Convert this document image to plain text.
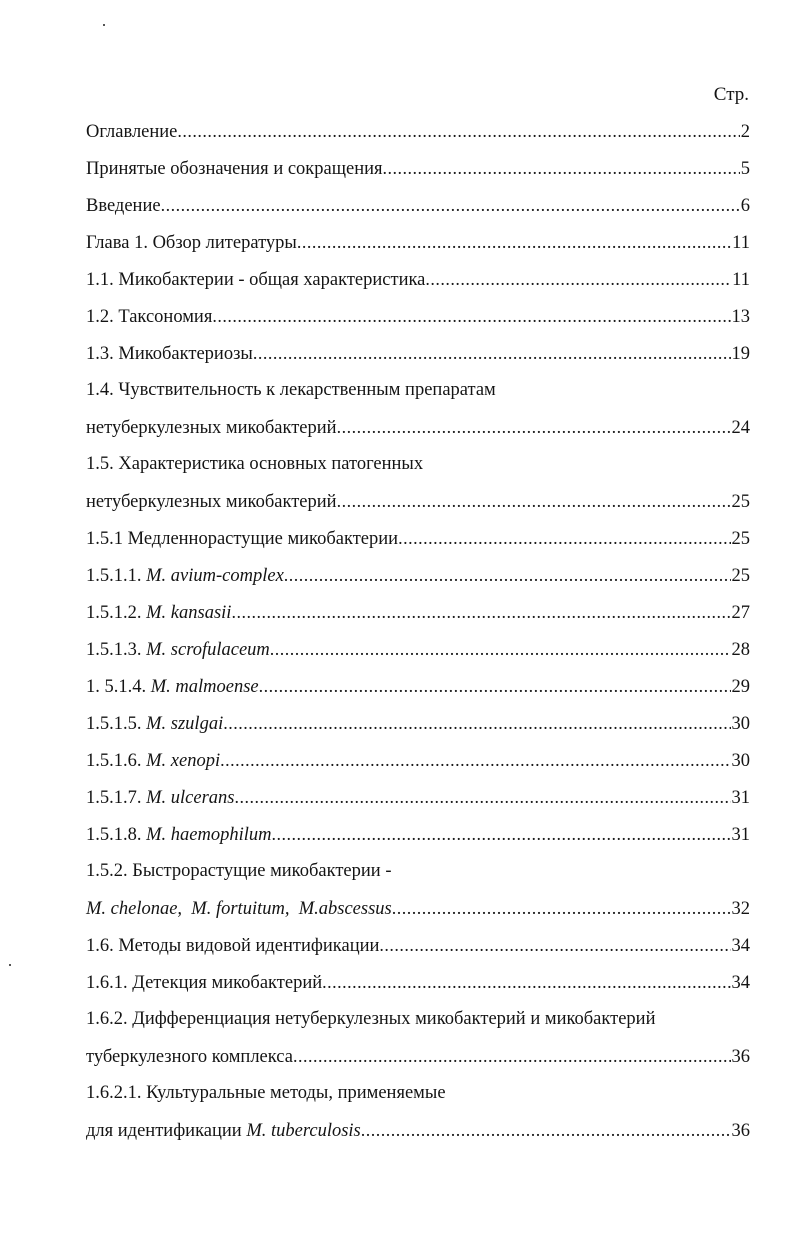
Стр.
Оглавление .....	2
Принятые обозначения и сокращения .....	5
Введение .....	6
Глава 1. Обзор литературы .....	11
1.1. Микобактерии - общая характеристика .....	11
1.2. Таксономия .....	13
1.3. Микобактериозы .....	19
1.4. Чувствительность к лекарственным препаратам
нетуберкулезных микобактерий .....	24
1.5. Характеристика основных патогенных
нетуберкулезных микобактерий .....	25
1.5.1 Медленнорастущие микобактерии .....	25
1.5.1.1. M. avium-complex .....	25
1.5.1.2. M. kansasii .....	27
1.5.1.3. M. scrofulaceum .....	28
1. 5.1.4. M. malmoense .....	29
1.5.1.5. M. szulgai .....	30
1.5.1.6. M. xenopi .....	30
1.5.1.7. M. ulcerans .....	31
1.5.1.8. M. haemophilum .....	31
1.5.2. Быстрорастущие микобактерии -
M. chelonae,  M. fortuitum,  M.abscessus .....	32
1.6. Методы видовой идентификации .....	34
1.6.1. Детекция микобактерий .....	34
1.6.2. Дифференциация нетуберкулезных микобактерий и микобактерий
туберкулезного комплекса .....	36
1.6.2.1. Культуральные методы, применяемые
для идентификации M. tuberculosis .....	36
